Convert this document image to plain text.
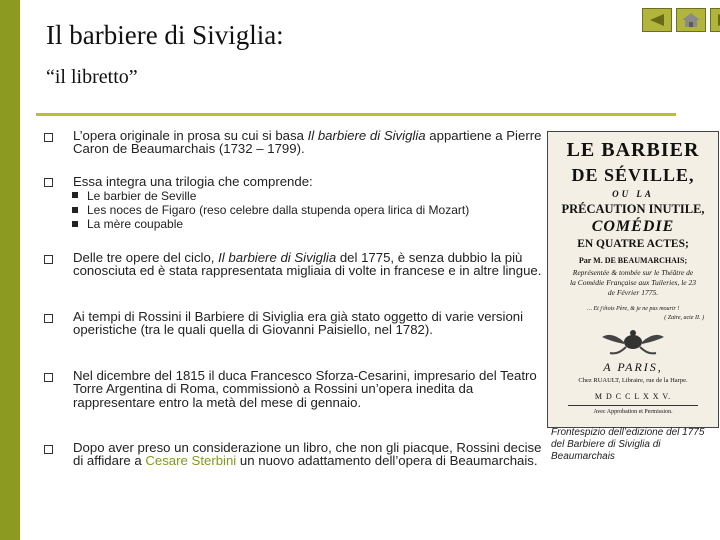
Il barbiere di Siviglia:
“il libretto”
L’opera originale in prosa su cui si basa Il barbiere di Siviglia appartiene a Pierre Caron de Beaumarchais (1732 – 1799).
Essa integra una trilogia che comprende:
Le barbier de Seville
Les noces de Figaro (reso celebre dalla stupenda opera lirica di Mozart)
La mère coupable
Delle tre opere del ciclo, Il barbiere di Siviglia del 1775, è senza dubbio la più conosciuta ed è stata rappresentata migliaia di volte in francese e in altre lingue.
Ai tempi di Rossini il Barbiere di Siviglia era già stato oggetto di varie versioni operistiche (tra le quali quella di Giovanni Paisiello, nel 1782).
Nel dicembre del 1815 il duca Francesco Sforza-Cesarini, impresario del Teatro Torre Argentina di Roma, commissionò a Rossini un’opera inedita da rappresentare entro la metà del mese di gennaio.
Dopo aver preso un considerazione un libro, che non gli piacque, Rossini decise di affidare a Cesare Sterbini un nuovo adattamento dell’opera di Beaumarchais.
LE BARBIER
DE SÉVILLE,
OU LA
PRÉCAUTION INUTILE,
COMÉDIE
EN QUATRE ACTES;
Par M. DE BEAUMARCHAIS;
Représentée & tombée sur le Théâtre de
la Comédie Française aux Tuileries, le 23
de Février 1775.
… Et j'étois Père, & je ne pus mourir !
( Zaïre, acte II. )
A PARIS,
Chez RUAULT, Libraire, rue de la Harpe.
M D C C L X X V.
Avec Approbation et Permission.
Frontespizio dell’edizione del 1775 del Barbiere di Siviglia di Beaumarchais
